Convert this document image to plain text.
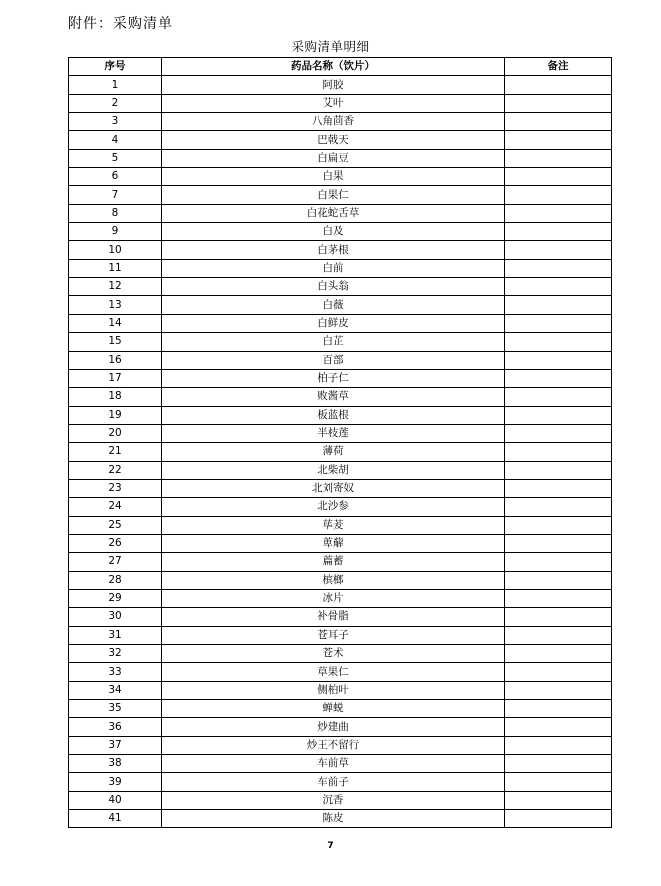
附件：采购清单
采购清单明细
序号	药品名称（饮片）	备注
1	阿胶	
2	艾叶	
3	八角茴香	
4	巴戟天	
5	白扁豆	
6	白果	
7	白果仁	
8	白花蛇舌草	
9	白及	
10	白茅根	
11	白前	
12	白头翁	
13	白薇	
14	白鲜皮	
15	白芷	
16	百部	
17	柏子仁	
18	败酱草	
19	板蓝根	
20	半枝莲	
21	薄荷	
22	北柴胡	
23	北刘寄奴	
24	北沙参	
25	荜茇	
26	萆薢	
27	萹蓄	
28	槟榔	
29	冰片	
30	补骨脂	
31	苍耳子	
32	苍术	
33	草果仁	
34	侧柏叶	
35	蝉蜕	
36	炒建曲	
37	炒王不留行	
38	车前草	
39	车前子	
40	沉香	
41	陈皮	
7
